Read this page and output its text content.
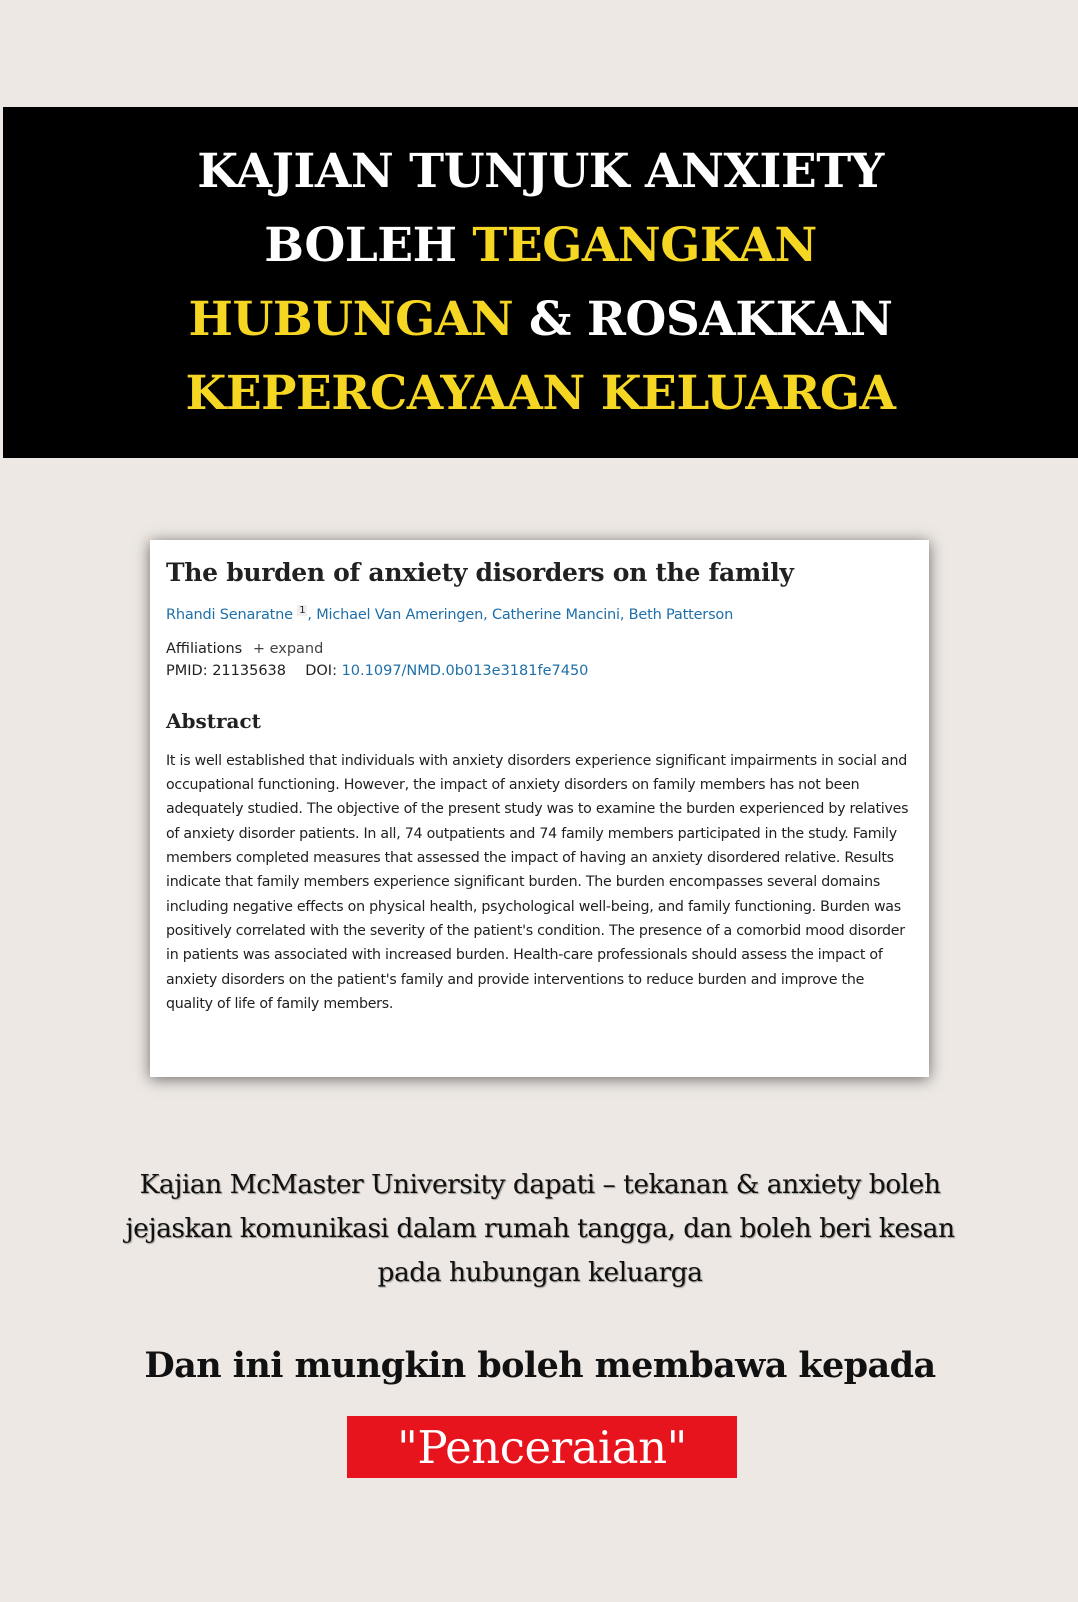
KAJIAN TUNJUK ANXIETY
BOLEH TEGANGKAN
HUBUNGAN & ROSAKKAN
KEPERCAYAAN KELUARGA
The burden of anxiety disorders on the family
Rhandi Senaratne $^1$ , Michael Van Ameringen, Catherine Mancini, Beth Patterson
Affiliations + expand
PMID: 21135638 DOI: 10.1097/NMD.0b013e3181fe7450
Abstract
It is well established that individuals with anxiety disorders experience significant impairments in social and occupational functioning. However, the impact of anxiety disorders on family members has not been adequately studied. The objective of the present study was to examine the burden experienced by relatives of anxiety disorder patients. In all, 74 outpatients and 74 family members participated in the study. Family members completed measures that assessed the impact of having an anxiety disordered relative. Results indicate that family members experience significant burden. The burden encompasses several domains including negative effects on physical health, psychological well-being, and family functioning. Burden was positively correlated with the severity of the patient's condition. The presence of a comorbid mood disorder in patients was associated with increased burden. Health-care professionals should assess the impact of anxiety disorders on the patient's family and provide interventions to reduce burden and improve the quality of life of family members.
Kajian McMaster University dapati – tekanan & anxiety boleh jejaskan komunikasi dalam rumah tangga, dan boleh beri kesan pada hubungan keluarga
Dan ini mungkin boleh membawa kepada
"Penceraian"
